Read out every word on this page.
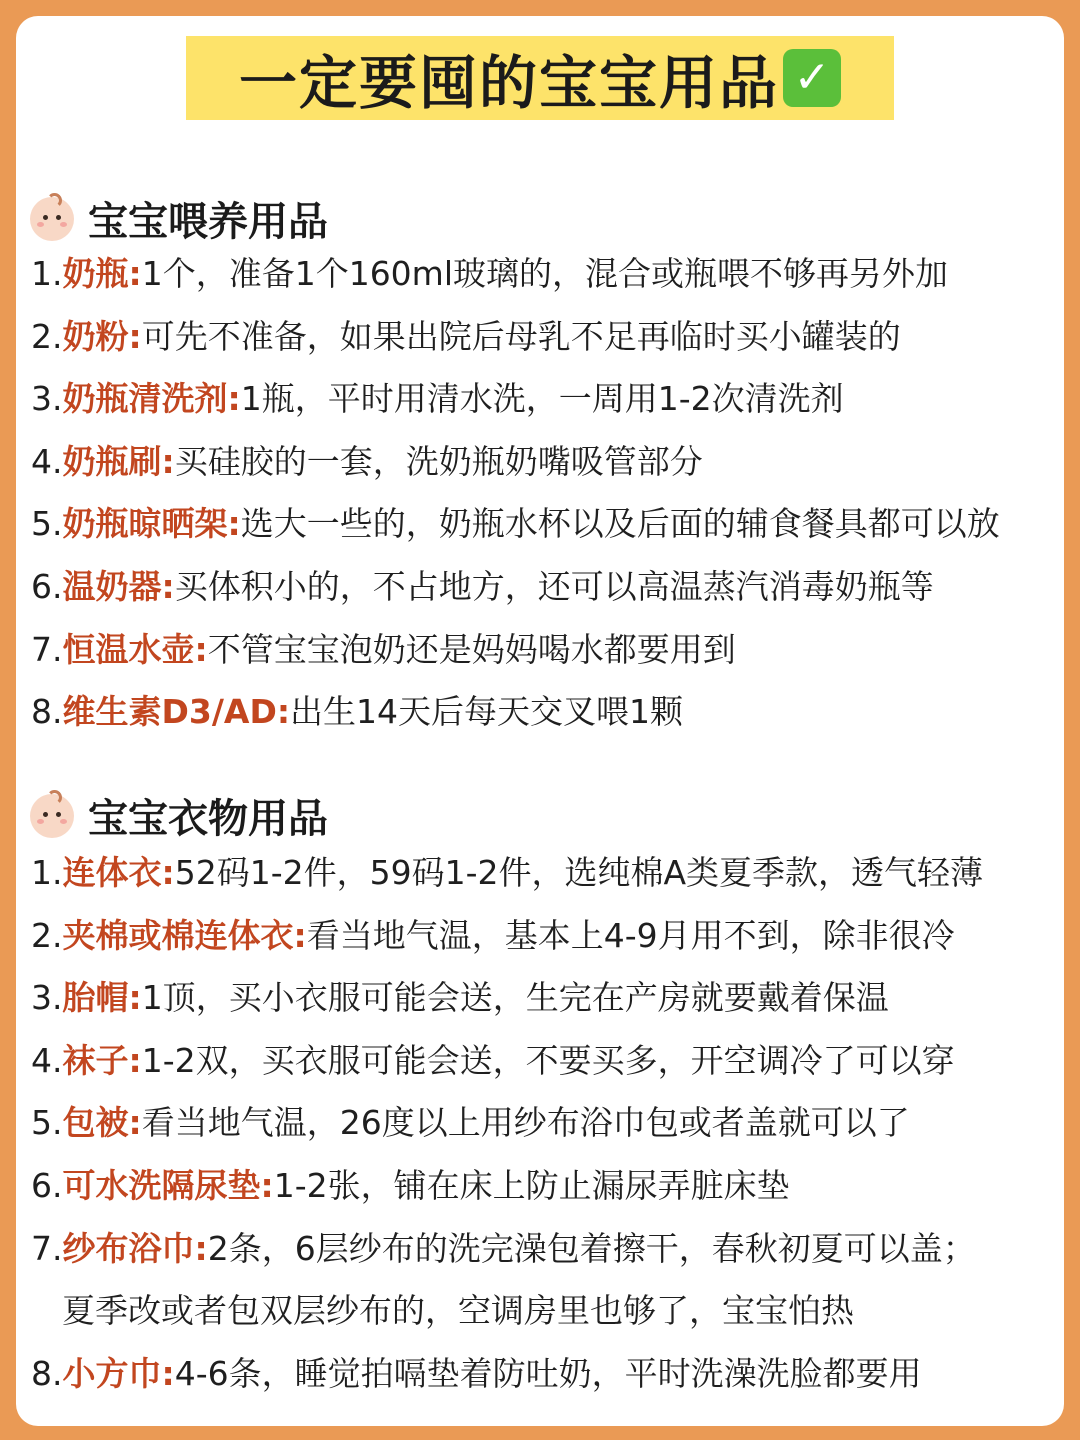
一定要囤的宝宝用品 ✓
宝宝喂养用品
1.奶瓶:1个，准备1个160ml玻璃的，混合或瓶喂不够再另外加
2.奶粉:可先不准备，如果出院后母乳不足再临时买小罐装的
3.奶瓶清洗剂:1瓶，平时用清水洗，一周用1-2次清洗剂
4.奶瓶刷:买硅胶的一套，洗奶瓶奶嘴吸管部分
5.奶瓶晾晒架:选大一些的，奶瓶水杯以及后面的辅食餐具都可以放
6.温奶器:买体积小的，不占地方，还可以高温蒸汽消毒奶瓶等
7.恒温水壶:不管宝宝泡奶还是妈妈喝水都要用到
8.维生素D3/AD:出生14天后每天交叉喂1颗
宝宝衣物用品
1.连体衣:52码1-2件，59码1-2件，选纯棉A类夏季款，透气轻薄
2.夹棉或棉连体衣:看当地气温，基本上4-9月用不到，除非很冷
3.胎帽:1顶，买小衣服可能会送，生完在产房就要戴着保温
4.袜子:1-2双，买衣服可能会送，不要买多，开空调冷了可以穿
5.包被:看当地气温，26度以上用纱布浴巾包或者盖就可以了
6.可水洗隔尿垫:1-2张，铺在床上防止漏尿弄脏床垫
7.纱布浴巾:2条，6层纱布的洗完澡包着擦干，春秋初夏可以盖；
夏季改或者包双层纱布的，空调房里也够了，宝宝怕热
8.小方巾:4-6条，睡觉拍嗝垫着防吐奶，平时洗澡洗脸都要用
